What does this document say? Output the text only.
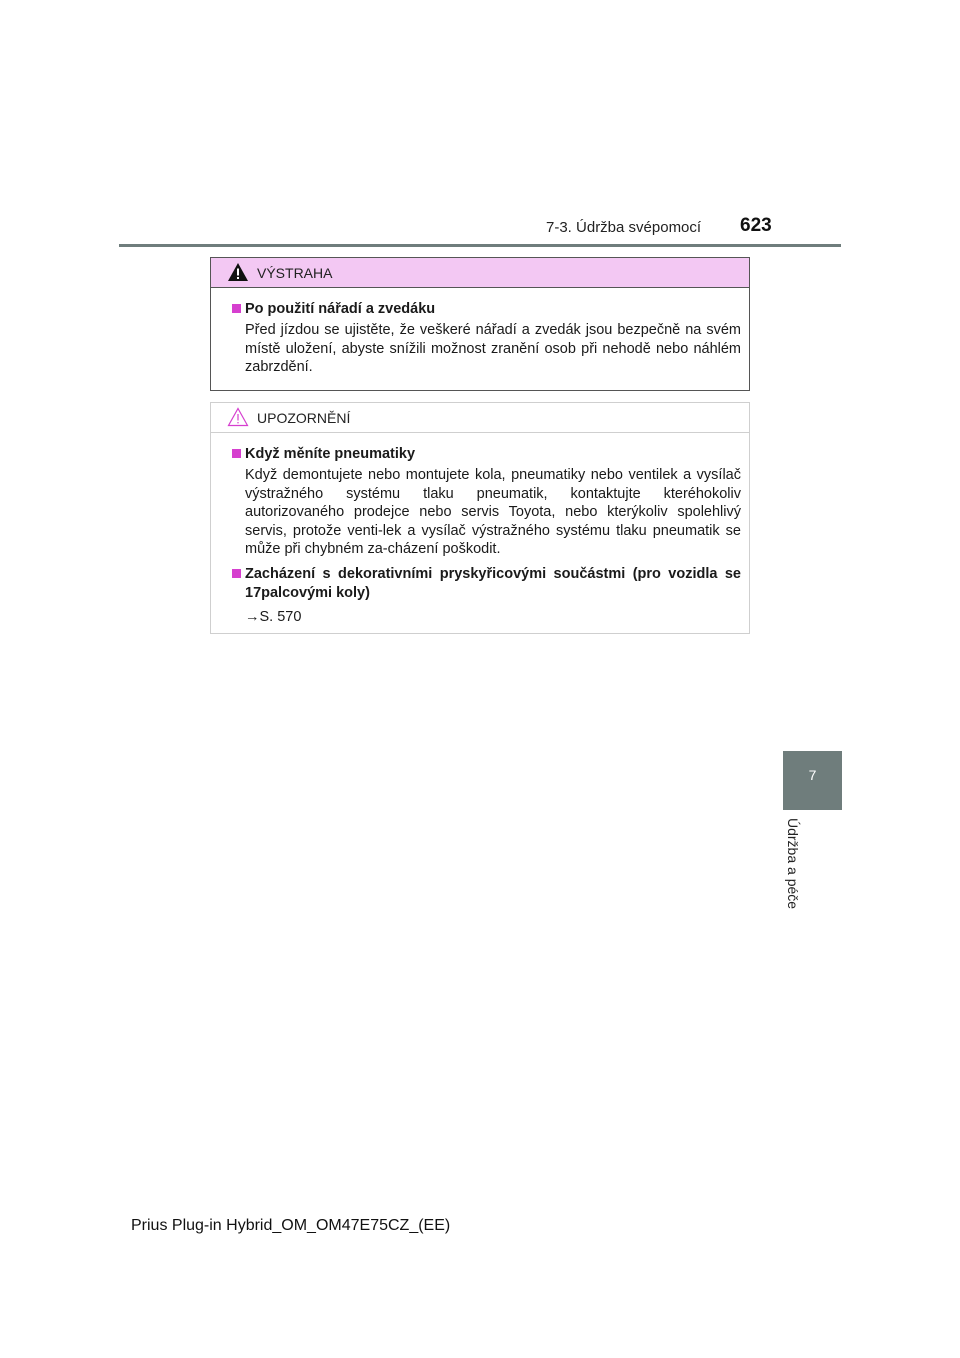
7-3. Údržba svépomocí 623
7
Údržba a péče
VÝSTRAHA
Po použití nářadí a zvedáku
Před jízdou se ujistěte, že veškeré nářadí a zvedák jsou bezpečně na svém místě uložení, abyste snížili možnost zranění osob při nehodě nebo náhlém zabrzdění.
UPOZORNĚNÍ
Když měníte pneumatiky
Když demontujete nebo montujete kola, pneumatiky nebo ventilek a vysílač výstražného systému tlaku pneumatik, kontaktujte kteréhokoliv autorizovaného prodejce nebo servis Toyota, nebo kterýkoliv spolehlivý servis, protože venti-lek a vysílač výstražného systému tlaku pneumatik se může při chybném za-cházení poškodit.
Zacházení s dekorativními pryskyřicovými součástmi (pro vozidla se 17palcovými koly)
→S. 570
Prius Plug-in Hybrid_OM_OM47E75CZ_(EE)
